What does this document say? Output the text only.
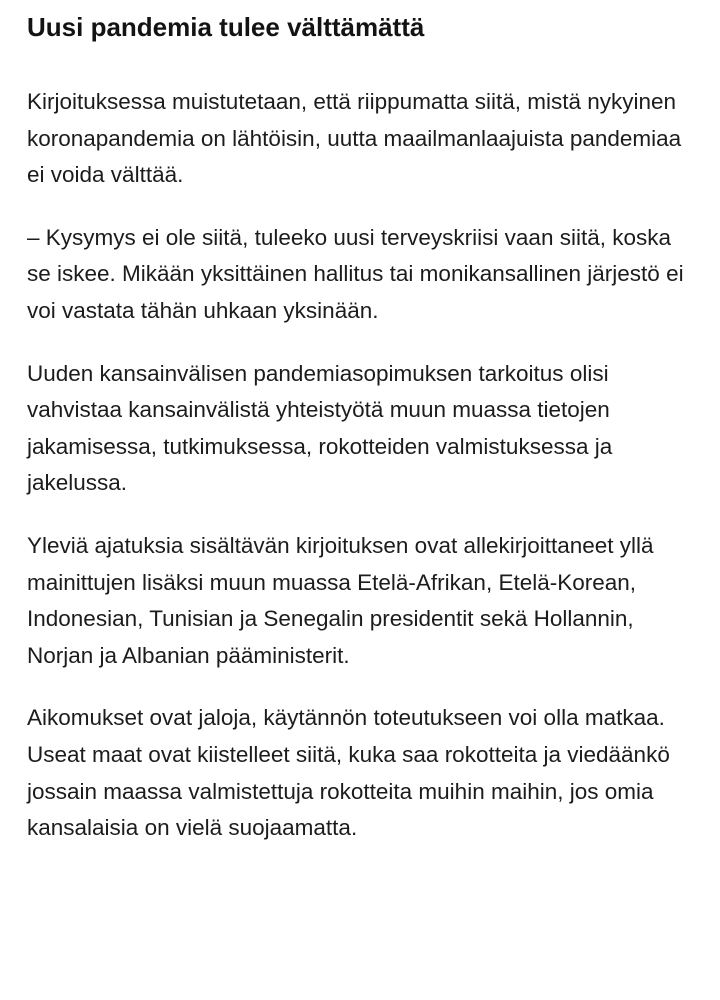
Uusi pandemia tulee välttämättä

Kirjoituksessa muistutetaan, että riippumatta siitä, mistä nykyinen koronapandemia on lähtöisin, uutta maailmanlaajuista pandemiaa ei voida välttää.

– Kysymys ei ole siitä, tuleeko uusi terveyskriisi vaan siitä, koska se iskee. Mikään yksittäinen hallitus tai monikansallinen järjestö ei voi vastata tähän uhkaan yksinään.

Uuden kansainvälisen pandemiasopimuksen tarkoitus olisi vahvistaa kansainvälistä yhteistyötä muun muassa tietojen jakamisessa, tutkimuksessa, rokotteiden valmistuksessa ja jakelussa.

Yleviä ajatuksia sisältävän kirjoituksen ovat allekirjoittaneet yllä mainittujen lisäksi muun muassa Etelä-Afrikan, Etelä-Korean, Indonesian, Tunisian ja Senegalin presidentit sekä Hollannin, Norjan ja Albanian pääministerit.

Aikomukset ovat jaloja, käytännön toteutukseen voi olla matkaa. Useat maat ovat kiistelleet siitä, kuka saa rokotteita ja viedäänkö jossain maassa valmistettuja rokotteita muihin maihin, jos omia kansalaisia on vielä suojaamatta.
